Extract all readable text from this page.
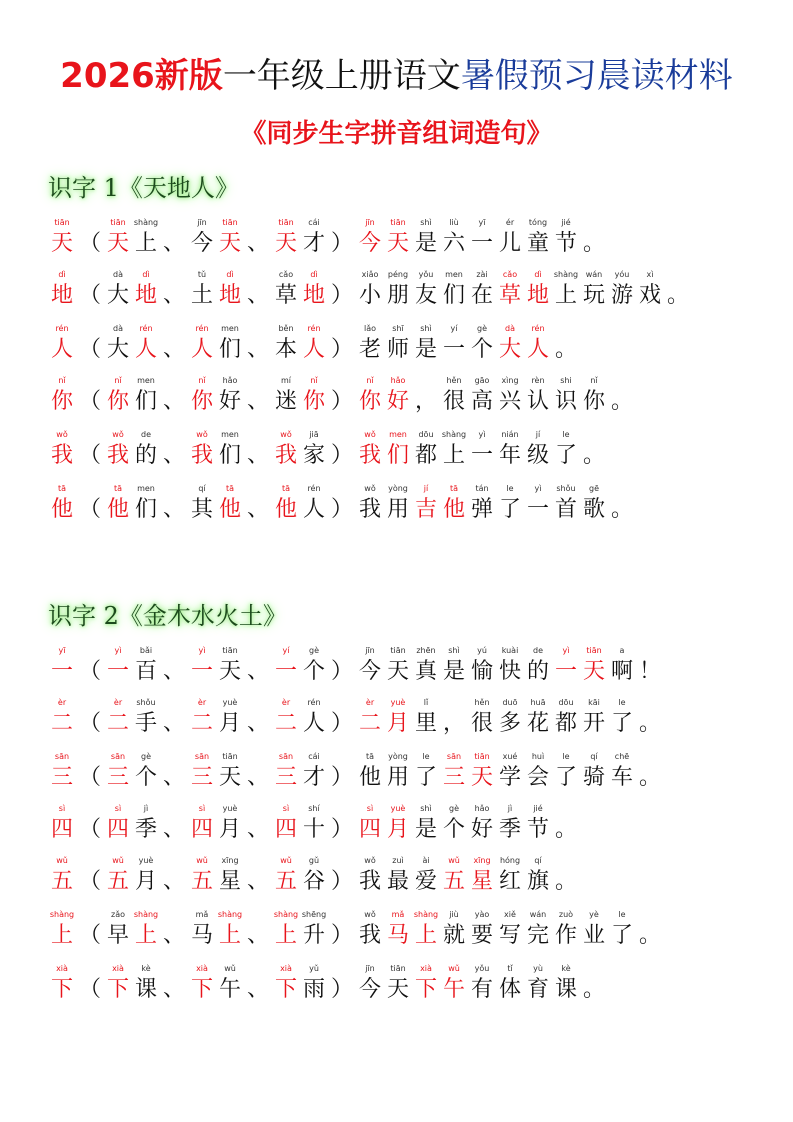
2026新版一年级上册语文暑假预习晨读材料
《同步生字拼音组词造句》
识字 1《天地人》
tiān
天 （
tiān
天
shàng
上 、
jīn
今
tiān
天 、
tiān
天
cái
才 ）
jīn
今
tiān
天
shì
是
liù
六
yī
一
ér
儿
tóng
童
jié
节 。
dì
地 （
dà
大
dì
地 、
tǔ
土
dì
地 、
cǎo
草
dì
地 ）
xiǎo
小
péng
朋
yǒu
友
men
们
zài
在
cǎo
草
dì
地
shàng
上
wán
玩
yóu
游
xì
戏 。
rén
人 （
dà
大
rén
人 、
rén
人
men
们 、
běn
本
rén
人 ）
lǎo
老
shī
师
shì
是
yí
一
gè
个
dà
大
rén
人 。
nǐ
你 （
nǐ
你
men
们 、
nǐ
你
hǎo
好 、
mí
迷
nǐ
你 ）
nǐ
你
hǎo
好 ，
hěn
很
gāo
高
xìng
兴
rèn
认
shi
识
nǐ
你 。
wǒ
我 （
wǒ
我
de
的 、
wǒ
我
men
们 、
wǒ
我
jiā
家 ）
wǒ
我
men
们
dōu
都
shàng
上
yì
一
nián
年
jí
级
le
了 。
tā
他 （
tā
他
men
们 、
qí
其
tā
他 、
tā
他
rén
人 ）
wǒ
我
yòng
用
jí
吉
tā
他
tán
弹
le
了
yì
一
shǒu
首
gē
歌 。
识字 2《金木水火土》
yī
一 （
yì
一
bǎi
百 、
yì
一
tiān
天 、
yí
一
gè
个 ）
jīn
今
tiān
天
zhēn
真
shì
是
yú
愉
kuài
快
de
的
yì
一
tiān
天
a
啊 ！
èr
二 （
èr
二
shǒu
手 、
èr
二
yuè
月 、
èr
二
rén
人 ）
èr
二
yuè
月
lǐ
里 ，
hěn
很
duō
多
huā
花
dōu
都
kāi
开
le
了 。
sān
三 （
sān
三
gè
个 、
sān
三
tiān
天 、
sān
三
cái
才 ）
tā
他
yòng
用
le
了
sān
三
tiān
天
xué
学
huì
会
le
了
qí
骑
chē
车 。
sì
四 （
sì
四
jì
季 、
sì
四
yuè
月 、
sì
四
shí
十 ）
sì
四
yuè
月
shì
是
gè
个
hǎo
好
jì
季
jié
节 。
wǔ
五 （
wǔ
五
yuè
月 、
wǔ
五
xīng
星 、
wǔ
五
gǔ
谷 ）
wǒ
我
zuì
最
ài
爱
wǔ
五
xīng
星
hóng
红
qí
旗 。
shàng
上 （
zǎo
早
shàng
上 、
mǎ
马
shàng
上 、
shàng
上
shēng
升 ）
wǒ
我
mǎ
马
shàng
上
jiù
就
yào
要
xiě
写
wán
完
zuò
作
yè
业
le
了 。
xià
下 （
xià
下
kè
课 、
xià
下
wǔ
午 、
xià
下
yǔ
雨 ）
jīn
今
tiān
天
xià
下
wǔ
午
yǒu
有
tǐ
体
yù
育
kè
课 。
